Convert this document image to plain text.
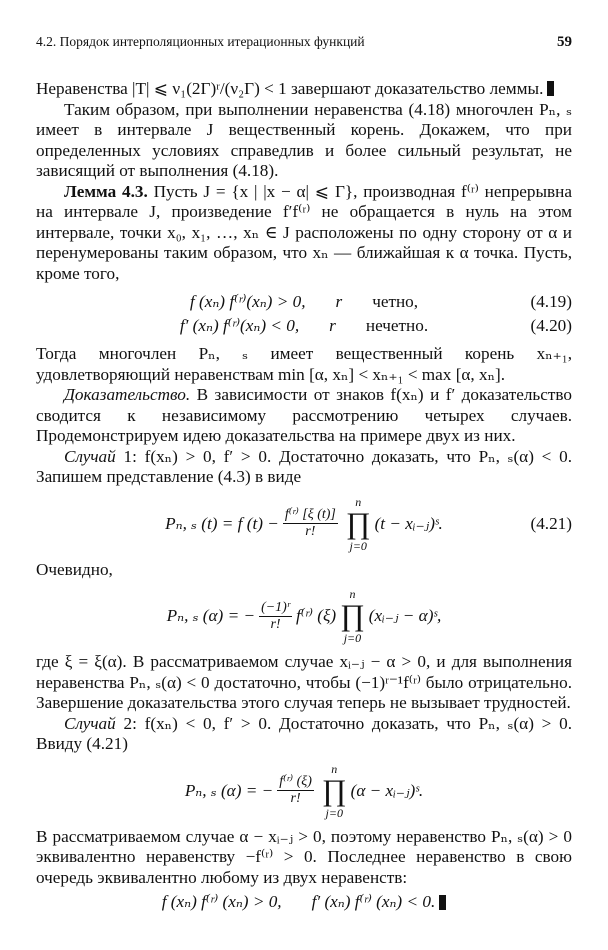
4.2. Порядок интерполяционных итерационных функций	59

Неравенства |T| ⩽ ν₁(2Γ)ʳ/(ν₂Γ) < 1 завершают доказательство леммы.

Таким образом, при выполнении неравенства (4.18) многочлен Pₙ, ₛ имеет в интервале J вещественный корень. Докажем, что при определенных условиях справедлив и более сильный результат, не зависящий от выполнения (4.18).

Лемма 4.3. Пусть J = {x | |x − α| ⩽ Γ}, производная f⁽ʳ⁾ непрерывна на интервале J, произведение f′f⁽ʳ⁾ не обращается в нуль на этом интервале, точки x₀, x₁, …, xₙ ∈ J расположены по одну сторону от α и перенумерованы таким образом, что xₙ — ближайшая к α точка. Пусть, кроме того,

f (xₙ) f⁽ʳ⁾(xₙ) > 0, r четно,	(4.19)
f′ (xₙ) f⁽ʳ⁾(xₙ) < 0, r нечетно.	(4.20)

Тогда многочлен Pₙ, ₛ имеет вещественный корень xₙ₊₁, удовлетворяющий неравенствам min [α, xₙ] < xₙ₊₁ < max [α, xₙ].

Доказательство. В зависимости от знаков f(xₙ) и f′ доказательство сводится к независимому рассмотрению четырех случаев. Продемонстрируем идею доказательства на примере двух из них.

Случай 1: f(xₙ) > 0, f′ > 0. Достаточно доказать, что Pₙ, ₛ(α) < 0. Запишем представление (4.3) в виде

Pₙ, ₛ (t) = f $(t) - \frac{\text{f⁽ʳ⁾ [ξ (t)]}}{r!}$
n
∏
j=0
(t − xᵢ₋ⱼ)ˢ.	(4.21)

Очевидно,

Pₙ, ₛ (α) = − $\frac{\text{(−1)ʳ}}{r!}$ f⁽ʳ⁾ (ξ)
n
∏
j=0
(xᵢ₋ⱼ − α)ˢ,

где ξ = ξ(α). В рассматриваемом случае xᵢ₋ⱼ − α > 0, и для выполнения неравенства Pₙ, ₛ(α) < 0 достаточно, чтобы (−1)ʳ⁻¹f⁽ʳ⁾ было отрицательно. Завершение доказательства этого случая теперь не вызывает трудностей.

Случай 2: f(xₙ) < 0, f′ > 0. Достаточно доказать, что Pₙ, ₛ(α) > 0. Ввиду (4.21)

Pₙ, ₛ (α) = − $\frac{\text{f⁽ʳ⁾ (ξ)}}{r!}$
n
∏
j=0
(α − xᵢ₋ⱼ)ˢ.

В рассматриваемом случае α − xᵢ₋ⱼ > 0, поэтому неравенство Pₙ, ₛ(α) > 0 эквивалентно неравенству −f⁽ʳ⁾ > 0. Последнее неравенство в свою очередь эквивалентно любому из двух неравенств:

f (xₙ) f⁽ʳ⁾ (xₙ) > 0, f′ (xₙ) f⁽ʳ⁾ (xₙ) < 0.
